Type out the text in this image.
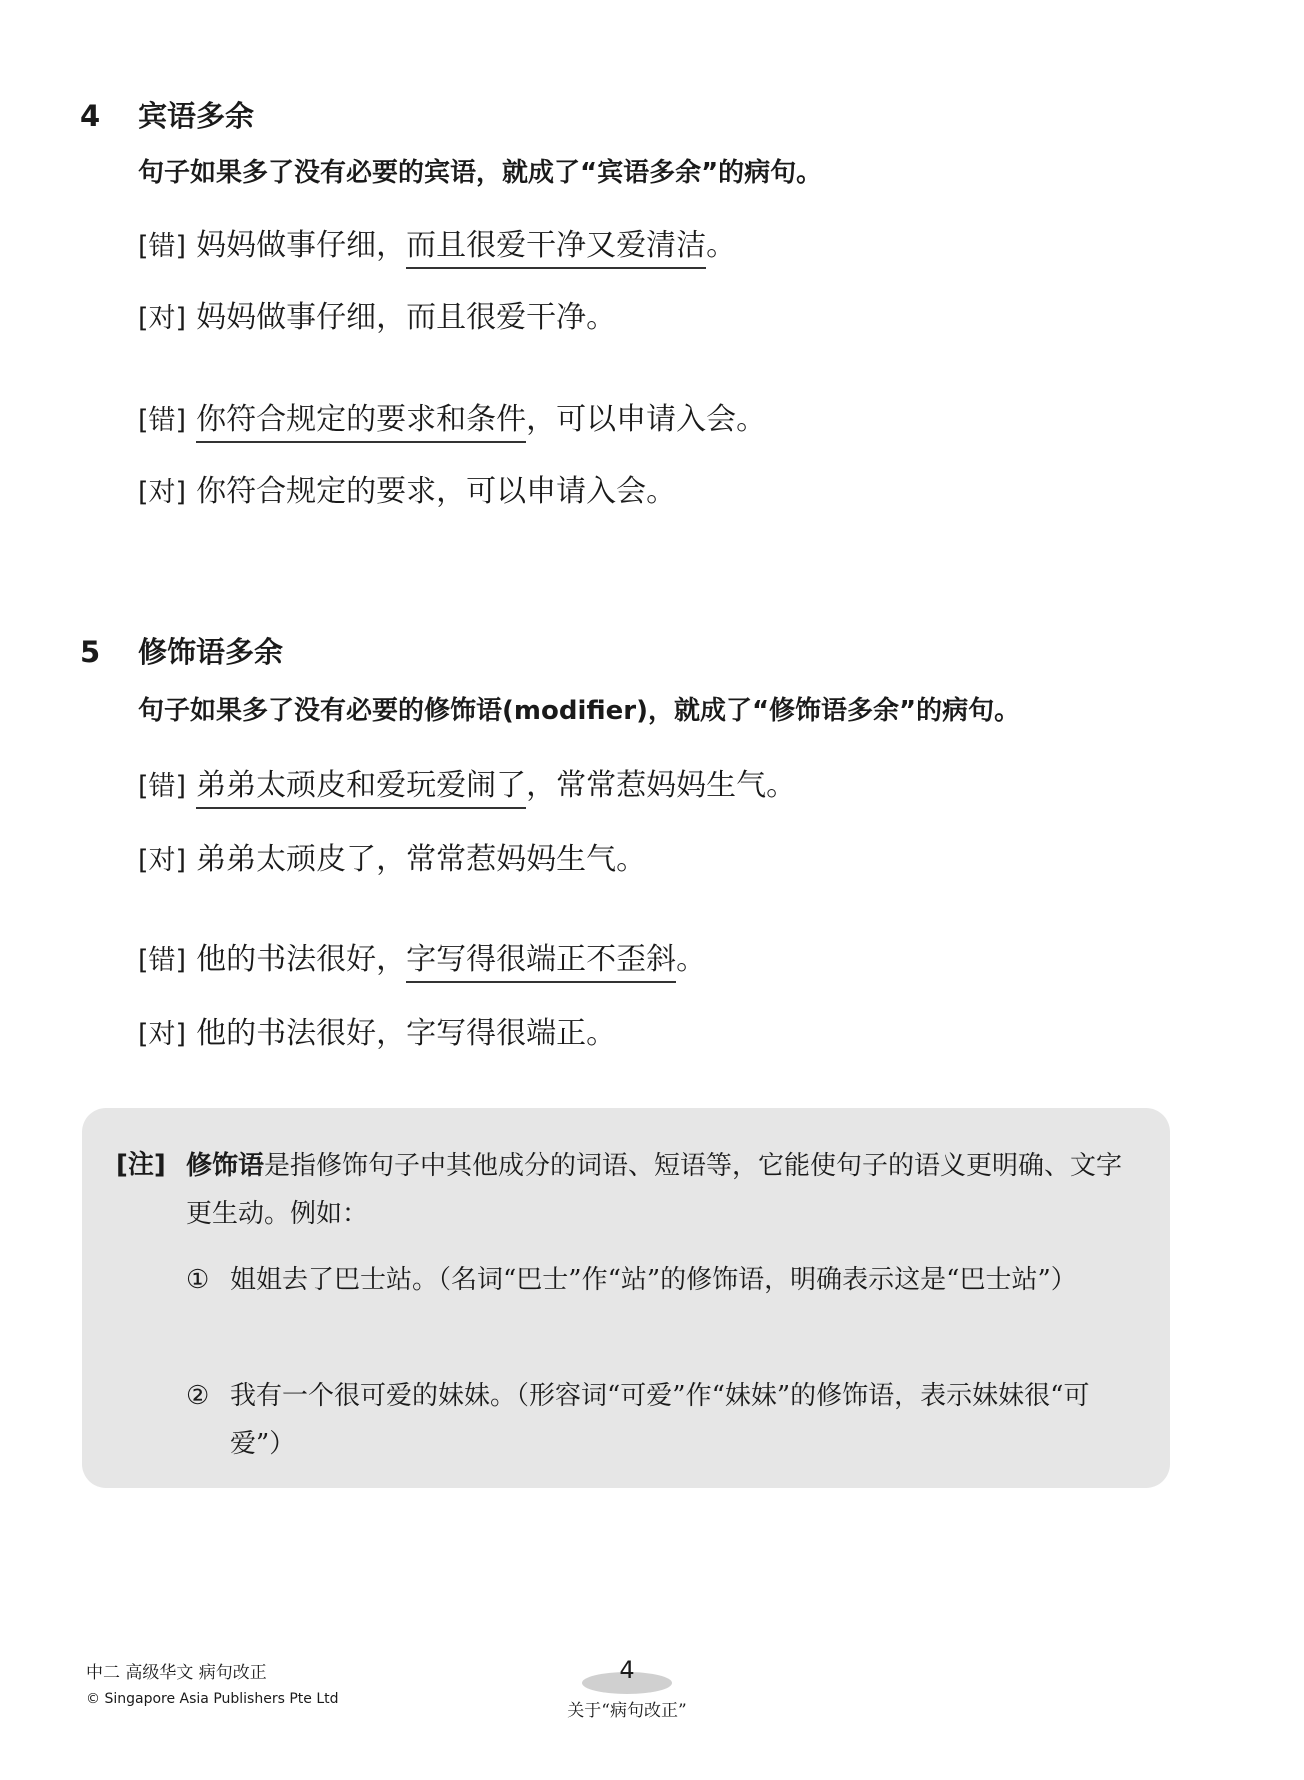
4 宾语多余
句子如果多了没有必要的宾语，就成了“宾语多余”的病句。
[错] 妈妈做事仔细，而且很爱干净又爱清洁。
[对] 妈妈做事仔细，而且很爱干净。
[错] 你符合规定的要求和条件，可以申请入会。
[对] 你符合规定的要求，可以申请入会。
5 修饰语多余
句子如果多了没有必要的修饰语(modifier)，就成了“修饰语多余”的病句。
[错] 弟弟太顽皮和爱玩爱闹了，常常惹妈妈生气。
[对] 弟弟太顽皮了，常常惹妈妈生气。
[错] 他的书法很好，字写得很端正不歪斜。
[对] 他的书法很好，字写得很端正。
[注] 修饰语是指修饰句子中其他成分的词语、短语等，它能使句子的语义更明确、文字更生动。例如：
① 姐姐去了巴士站。（名词“巴士”作“站”的修饰语，明确表示这是“巴士站”）
② 我有一个很可爱的妹妹。（形容词“可爱”作“妹妹”的修饰语，表示妹妹很“可爱”）
中二 高级华文 病句改正
© Singapore Asia Publishers Pte Ltd
4
关于“病句改正”
